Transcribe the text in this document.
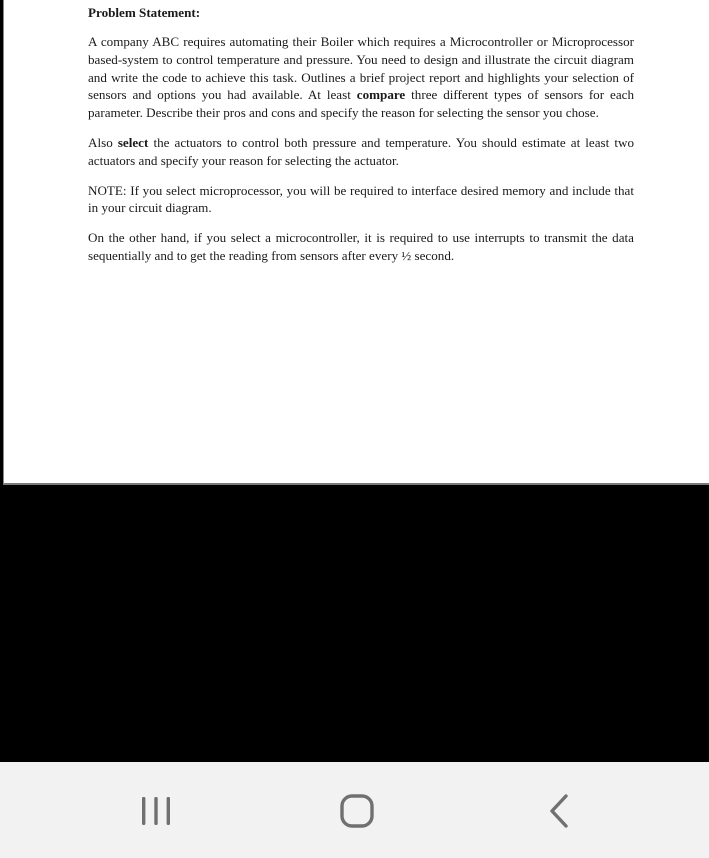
Problem Statement:

A company ABC requires automating their Boiler which requires a Microcontroller or Microprocessor based-system to control temperature and pressure. You need to design and illustrate the circuit diagram and write the code to achieve this task. Outlines a brief project report and highlights your selection of sensors and options you had available. At least compare three different types of sensors for each parameter. Describe their pros and cons and specify the reason for selecting the sensor you chose.

Also select the actuators to control both pressure and temperature. You should estimate at least two actuators and specify your reason for selecting the actuator.

NOTE: If you select microprocessor, you will be required to interface desired memory and include that in your circuit diagram.

On the other hand, if you select a microcontroller, it is required to use interrupts to transmit the data sequentially and to get the reading from sensors after every ½ second.
